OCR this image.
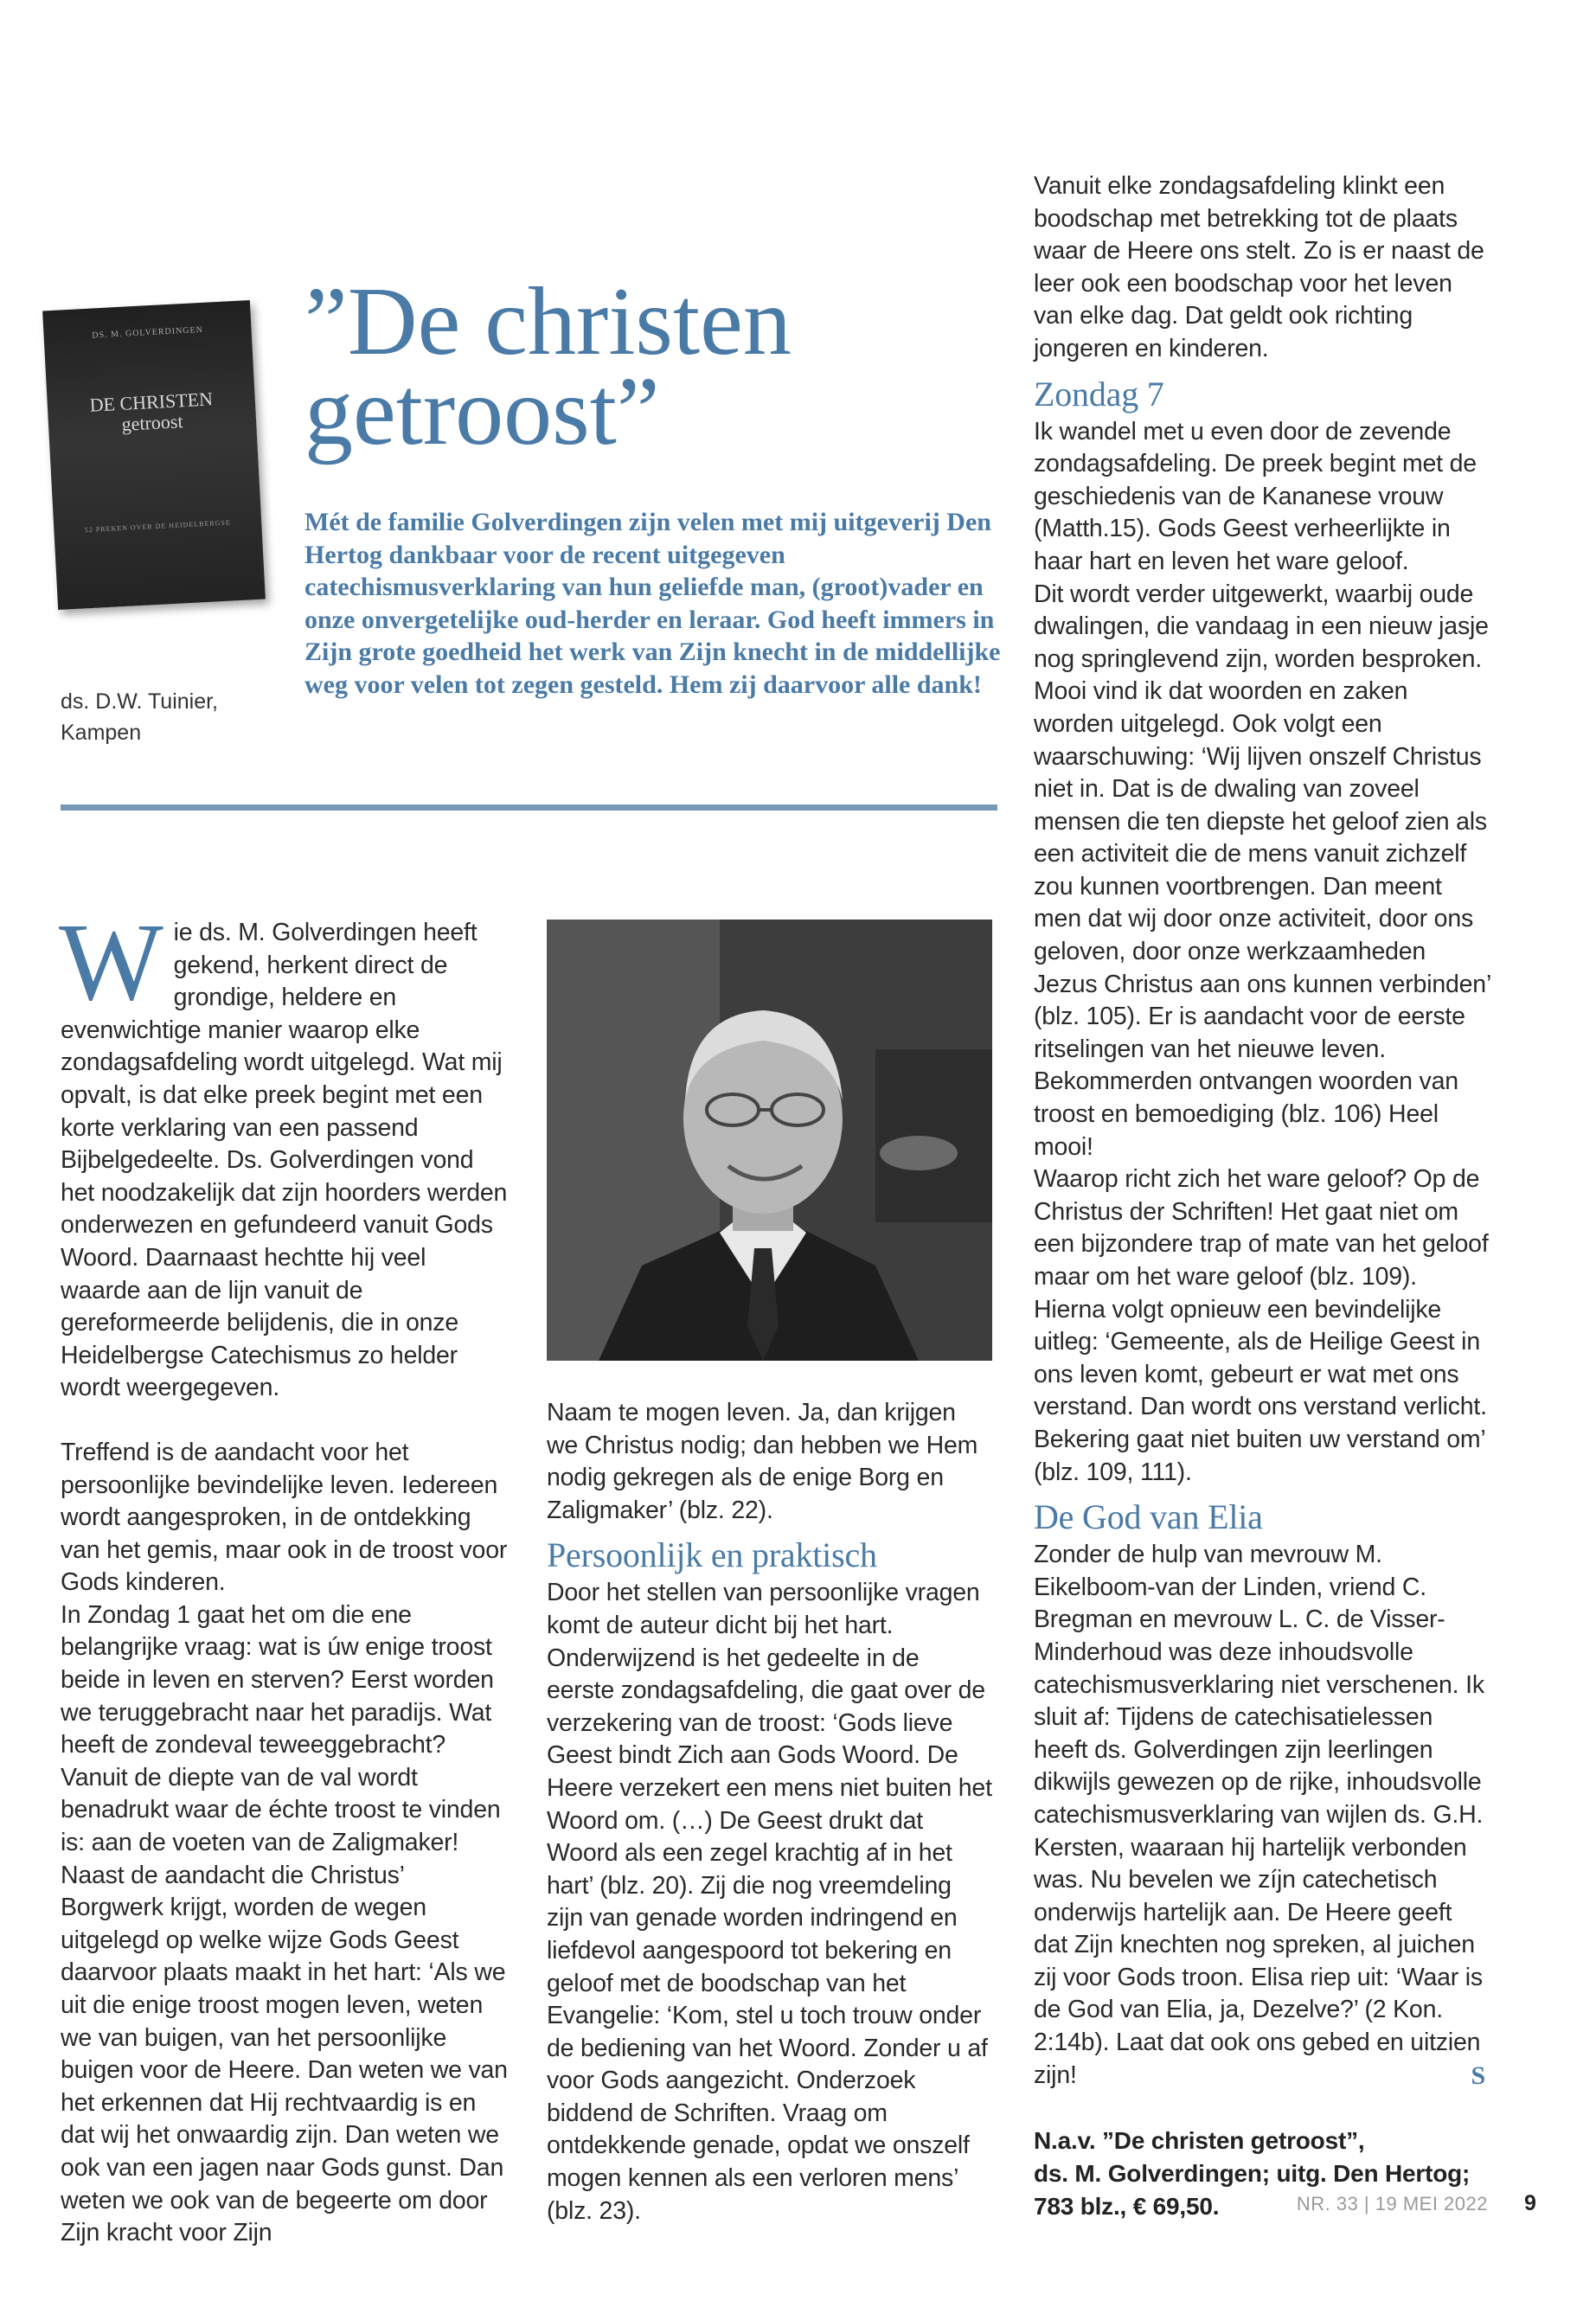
DS. M. GOLVERDINGEN
DE CHRISTEN
getroost
52 PREKEN OVER DE HEIDELBERGSE
”De christen
getroost”
Mét de familie Golverdingen zijn velen met mij uitgeverij Den Hertog dankbaar voor de recent uitgegeven catechismusverklaring van hun geliefde man, (groot)vader en onze onvergetelijke oud-herder en leraar. God heeft immers in Zijn grote goedheid het werk van Zijn knecht in de middellijke weg voor velen tot zegen gesteld. Hem zij daarvoor alle dank!
ds. D.W. Tuinier,
Kampen

W ie ds. M. Golverdingen heeft gekend, herkent direct de grondige, heldere en evenwichtige manier waarop elke zondagsafdeling wordt uitgelegd. Wat mij opvalt, is dat elke preek begint met een korte verklaring van een passend Bijbelgedeelte. Ds. Golverdingen vond het noodzakelijk dat zijn hoorders werden onderwezen en gefundeerd vanuit Gods Woord. Daarnaast hechtte hij veel waarde aan de lijn vanuit de gereformeerde belijdenis, die in onze Heidelbergse Catechismus zo helder wordt weergegeven.

Treffend is de aandacht voor het persoonlijke bevindelijke leven. Iedereen wordt aangesproken, in de ontdekking van het gemis, maar ook in de troost voor Gods kinderen.

In Zondag 1 gaat het om die ene belangrijke vraag: wat is úw enige troost beide in leven en sterven? Eerst worden we teruggebracht naar het paradijs. Wat heeft de zondeval teweeggebracht? Vanuit de diepte van de val wordt benadrukt waar de échte troost te vinden is: aan de voeten van de Zaligmaker!

Naast de aandacht die Christus’ Borgwerk krijgt, worden de wegen uitgelegd op welke wijze Gods Geest daarvoor plaats maakt in het hart: ‘Als we uit die enige troost mogen leven, weten we van buigen, van het persoonlijke buigen voor de Heere. Dan weten we van het erkennen dat Hij rechtvaardig is en dat wij het onwaardig zijn. Dan weten we ook van een jagen naar Gods gunst. Dan weten we ook van de begeerte om door Zijn kracht voor Zijn

Naam te mogen leven. Ja, dan krijgen we Christus nodig; dan hebben we Hem nodig gekregen als de enige Borg en Zaligmaker’ (blz. 22).

Persoonlijk en praktisch

Door het stellen van persoonlijke vragen komt de auteur dicht bij het hart. Onderwijzend is het gedeelte in de eerste zondagsafdeling, die gaat over de verzekering van de troost: ‘Gods lieve Geest bindt Zich aan Gods Woord. De Heere verzekert een mens niet buiten het Woord om. (…) De Geest drukt dat Woord als een zegel krachtig af in het hart’ (blz. 20). Zij die nog vreemdeling zijn van genade worden indringend en liefdevol aangespoord tot bekering en geloof met de boodschap van het Evangelie: ‘Kom, stel u toch trouw onder de bediening van het Woord. Zonder u af voor Gods aangezicht. Onderzoek biddend de Schriften. Vraag om ontdekkende genade, opdat we onszelf mogen kennen als een verloren mens’ (blz. 23).

Vanuit elke zondagsafdeling klinkt een boodschap met betrekking tot de plaats waar de Heere ons stelt. Zo is er naast de leer ook een boodschap voor het leven van elke dag. Dat geldt ook richting jongeren en kinderen.

Zondag 7

Ik wandel met u even door de zevende zondagsafdeling. De preek begint met de geschiedenis van de Kananese vrouw (Matth.15). Gods Geest verheerlijkte in haar hart en leven het ware geloof.

Dit wordt verder uitgewerkt, waarbij oude dwalingen, die vandaag in een nieuw jasje nog springlevend zijn, worden besproken. Mooi vind ik dat woorden en zaken worden uitgelegd. Ook volgt een waarschuwing: ‘Wij lijven onszelf Christus niet in. Dat is de dwaling van zoveel mensen die ten diepste het geloof zien als een activiteit die de mens vanuit zichzelf zou kunnen voortbrengen. Dan meent men dat wij door onze activiteit, door ons geloven, door onze werkzaamheden Jezus Christus aan ons kunnen verbinden’ (blz. 105). Er is aandacht voor de eerste ritselingen van het nieuwe leven. Bekommerden ontvangen woorden van troost en bemoediging (blz. 106) Heel mooi!

Waarop richt zich het ware geloof? Op de Christus der Schriften! Het gaat niet om een bijzondere trap of mate van het geloof maar om het ware geloof (blz. 109). Hierna volgt opnieuw een bevindelijke uitleg: ‘Gemeente, als de Heilige Geest in ons leven komt, gebeurt er wat met ons verstand. Dan wordt ons verstand verlicht. Bekering gaat niet buiten uw verstand om’ (blz. 109, 111).

De God van Elia

Zonder de hulp van mevrouw M. Eikelboom-van der Linden, vriend C. Bregman en mevrouw L. C. de Visser-Minderhoud was deze inhoudsvolle catechismusverklaring niet verschenen. Ik sluit af: Tijdens de catechisatielessen heeft ds. Golverdingen zijn leerlingen dikwijls gewezen op de rijke, inhoudsvolle catechismusverklaring van wijlen ds. G.H. Kersten, waaraan hij hartelijk verbonden was. Nu bevelen we zíjn catechetisch onderwijs hartelijk aan. De Heere geeft dat Zijn knechten nog spreken, al juichen zij voor Gods troon. Elisa riep uit: ‘Waar is de God van Elia, ja, Dezelve?’ (2 Kon. 2:14b). Laat dat ook ons gebed en uitzien zijn!	S

N.a.v. ”De christen getroost”,
ds. M. Golverdingen; uitg. Den Hertog;
783 blz., € 69,50.	NR. 33 | 19 MEI 2022 9
